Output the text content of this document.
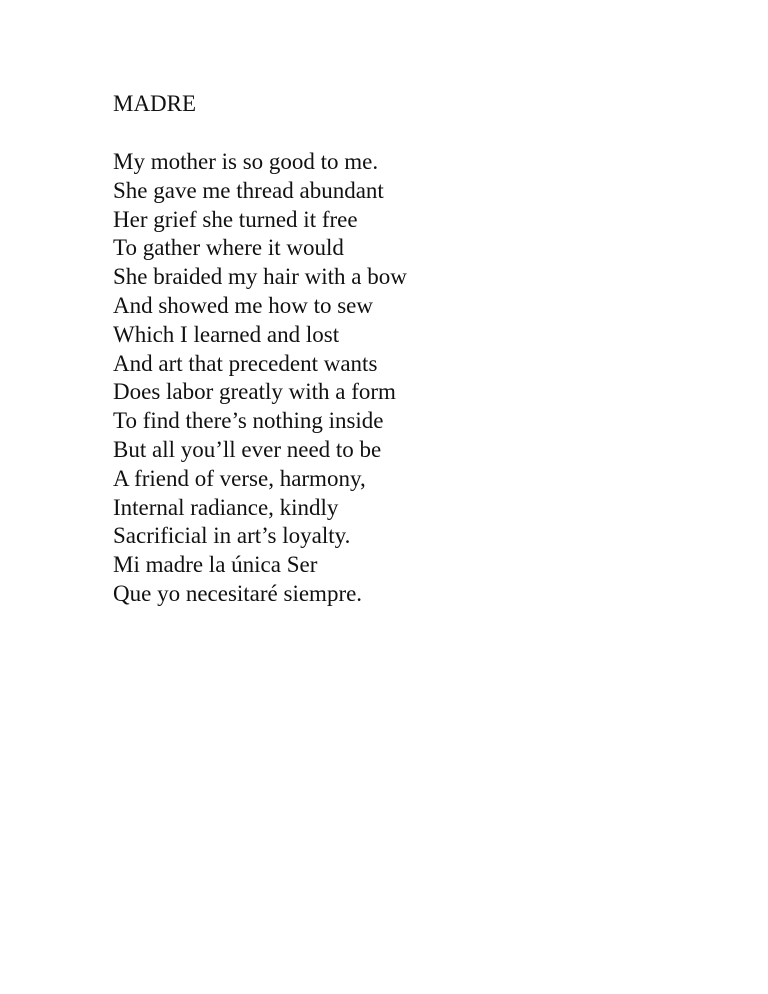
MADRE
My mother is so good to me.
She gave me thread abundant
Her grief she turned it free
To gather where it would
She braided my hair with a bow
And showed me how to sew
Which I learned and lost
And art that precedent wants
Does labor greatly with a form
To find there’s nothing inside
But all you’ll ever need to be
A friend of verse, harmony,
Internal radiance, kindly
Sacrificial in art’s loyalty.
Mi madre la única Ser
Que yo necesitaré siempre.
